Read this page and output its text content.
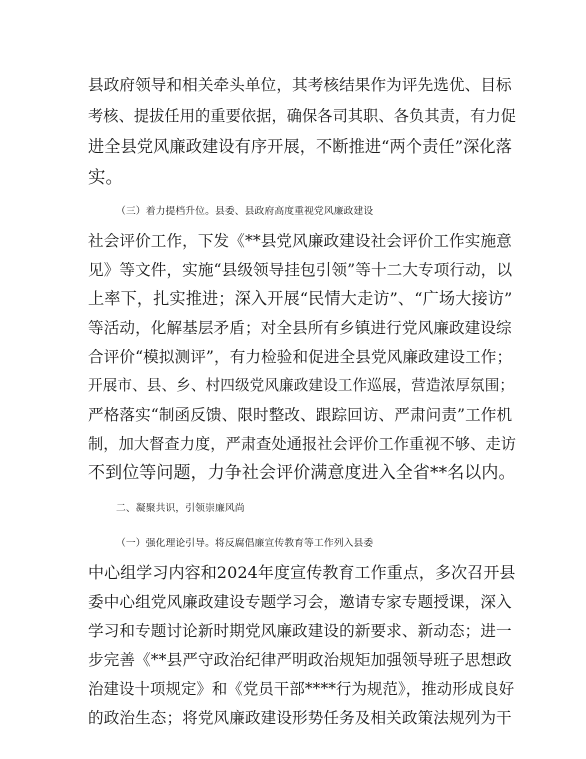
县政府领导和相关牵头单位，其考核结果作为评先选优、目标
考核、提拔任用的重要依据，确保各司其职、各负其责，有力促
进全县党风廉政建设有序开展，不断推进“两个责任”深化落
实。
（三）着力提档升位。县委、县政府高度重视党风廉政建设
社会评价工作，下发《**县党风廉政建设社会评价工作实施意
见》等文件，实施“县级领导挂包引领”等十二大专项行动，以
上率下，扎实推进；深入开展“民情大走访”、“广场大接访”
等活动，化解基层矛盾；对全县所有乡镇进行党风廉政建设综
合评价“模拟测评”，有力检验和促进全县党风廉政建设工作；
开展市、县、乡、村四级党风廉政建设工作巡展，营造浓厚氛围；
严格落实“制函反馈、限时整改、跟踪回访、严肃问责”工作机
制，加大督查力度，严肃查处通报社会评价工作重视不够、走访
不到位等问题，力争社会评价满意度进入全省**名以内。
二、凝聚共识，引领崇廉风尚
（一）强化理论引导。将反腐倡廉宣传教育等工作列入县委
中心组学习内容和2024年度宣传教育工作重点，多次召开县
委中心组党风廉政建设专题学习会，邀请专家专题授课，深入
学习和专题讨论新时期党风廉政建设的新要求、新动态；进一
步完善《**县严守政治纪律严明政治规矩加强领导班子思想政
治建设十项规定》和《党员干部****行为规范》，推动形成良好
的政治生态；将党风廉政建设形势任务及相关政策法规列为干
